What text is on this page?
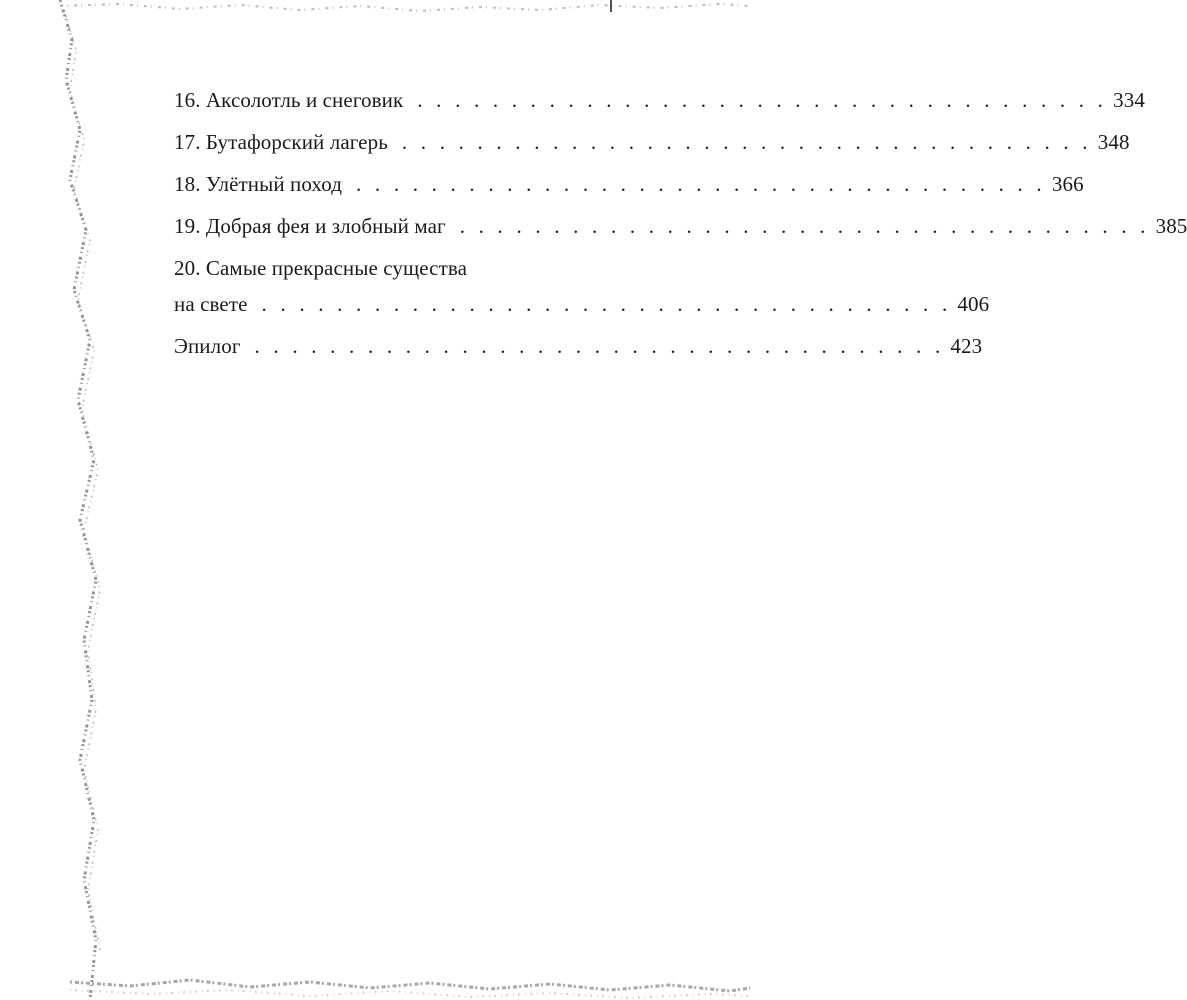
16. Аксолотль и снеговик . . . . . . . . . . . . . . . . . . . . . . . . . . . . . . . . . . . . . 334
17. Бутафорский лагерь . . . . . . . . . . . . . . . . . . . . . . . . . . . . . . . . . . . . . 348
18. Улётный поход . . . . . . . . . . . . . . . . . . . . . . . . . . . . . . . . . . . . . 366
19. Добрая фея и злобный маг . . . . . . . . . . . . . . . . . . . . . . . . . . . . . . . . . . . . . 385
20. Самые прекрасные существа
на свете . . . . . . . . . . . . . . . . . . . . . . . . . . . . . . . . . . . . . 406
Эпилог . . . . . . . . . . . . . . . . . . . . . . . . . . . . . . . . . . . . . 423
